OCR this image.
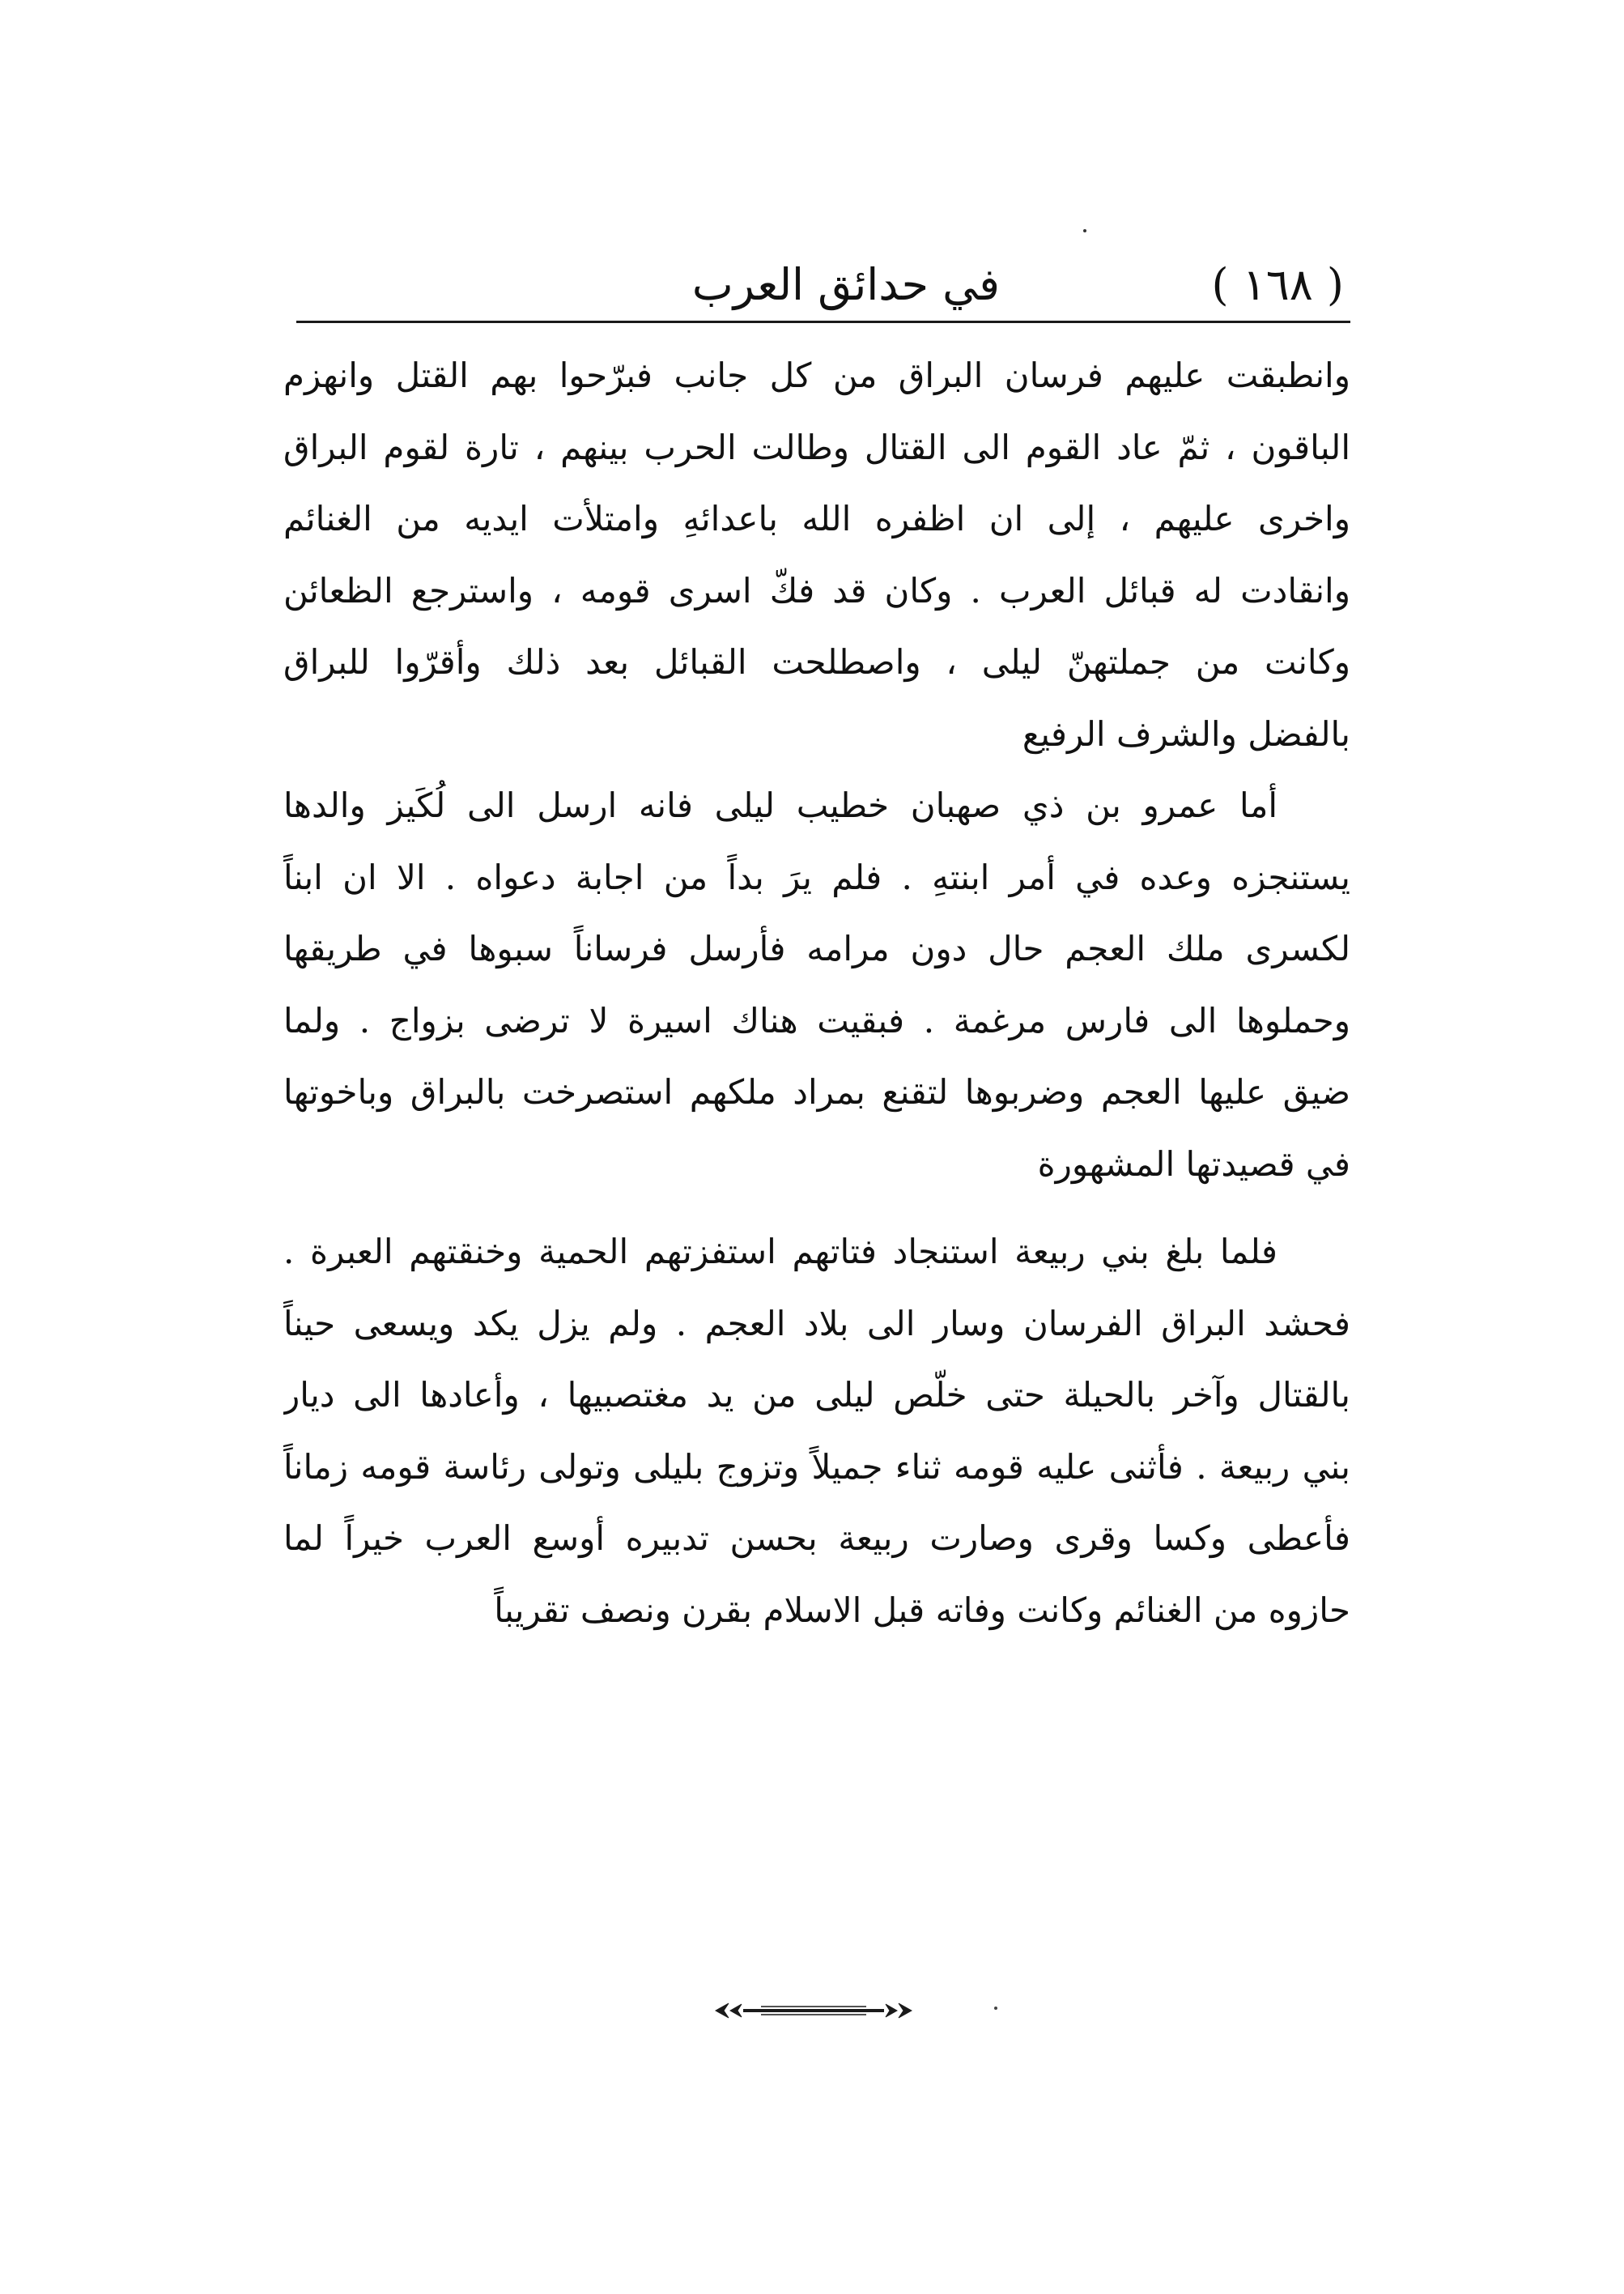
( ١٦٨ )
في حدائق العرب
وانطبقت عليهم فرسان البراق من كل جانب فبرّحوا بهم القتل وانهزم
الباقون ، ثمّ عاد القوم الى القتال وطالت الحرب بينهم ، تارة لقوم البراق
واخرى عليهم ، إلى ان اظفره الله باعدائهِ وامتلأت ايديه من الغنائم
وانقادت له قبائل العرب . وكان قد فكّ اسرى قومه ، واسترجع الظعائن
وكانت من جملتهنّ ليلى ، واصطلحت القبائل بعد ذلك وأقرّوا للبراق
بالفضل والشرف الرفيع
أما عمرو بن ذي صهبان خطيب ليلى فانه ارسل الى لُكَيز والدها
يستنجزه وعده في أمر ابنتهِ . فلم يرَ بداً من اجابة دعواه . الا ان ابناً
لكسرى ملك العجم حال دون مرامه فأرسل فرساناً سبوها في طريقها
وحملوها الى فارس مرغمة . فبقيت هناك اسيرة لا ترضى بزواج . ولما
ضيق عليها العجم وضربوها لتقنع بمراد ملكهم استصرخت بالبراق وباخوتها
في قصيدتها المشهورة
فلما بلغ بني ربيعة استنجاد فتاتهم استفزتهم الحمية وخنقتهم العبرة .
فحشد البراق الفرسان وسار الى بلاد العجم . ولم يزل يكد ويسعى حيناً
بالقتال وآخر بالحيلة حتى خلّص ليلى من يد مغتصبيها ، وأعادها الى ديار
بني ربيعة . فأثنى عليه قومه ثناء جميلاً وتزوج بليلى وتولى رئاسة قومه زماناً
فأعطى وكسا وقرى وصارت ربيعة بحسن تدبيره أوسع العرب خيراً لما
حازوه من الغنائم وكانت وفاته قبل الاسلام بقرن ونصف تقريباً
